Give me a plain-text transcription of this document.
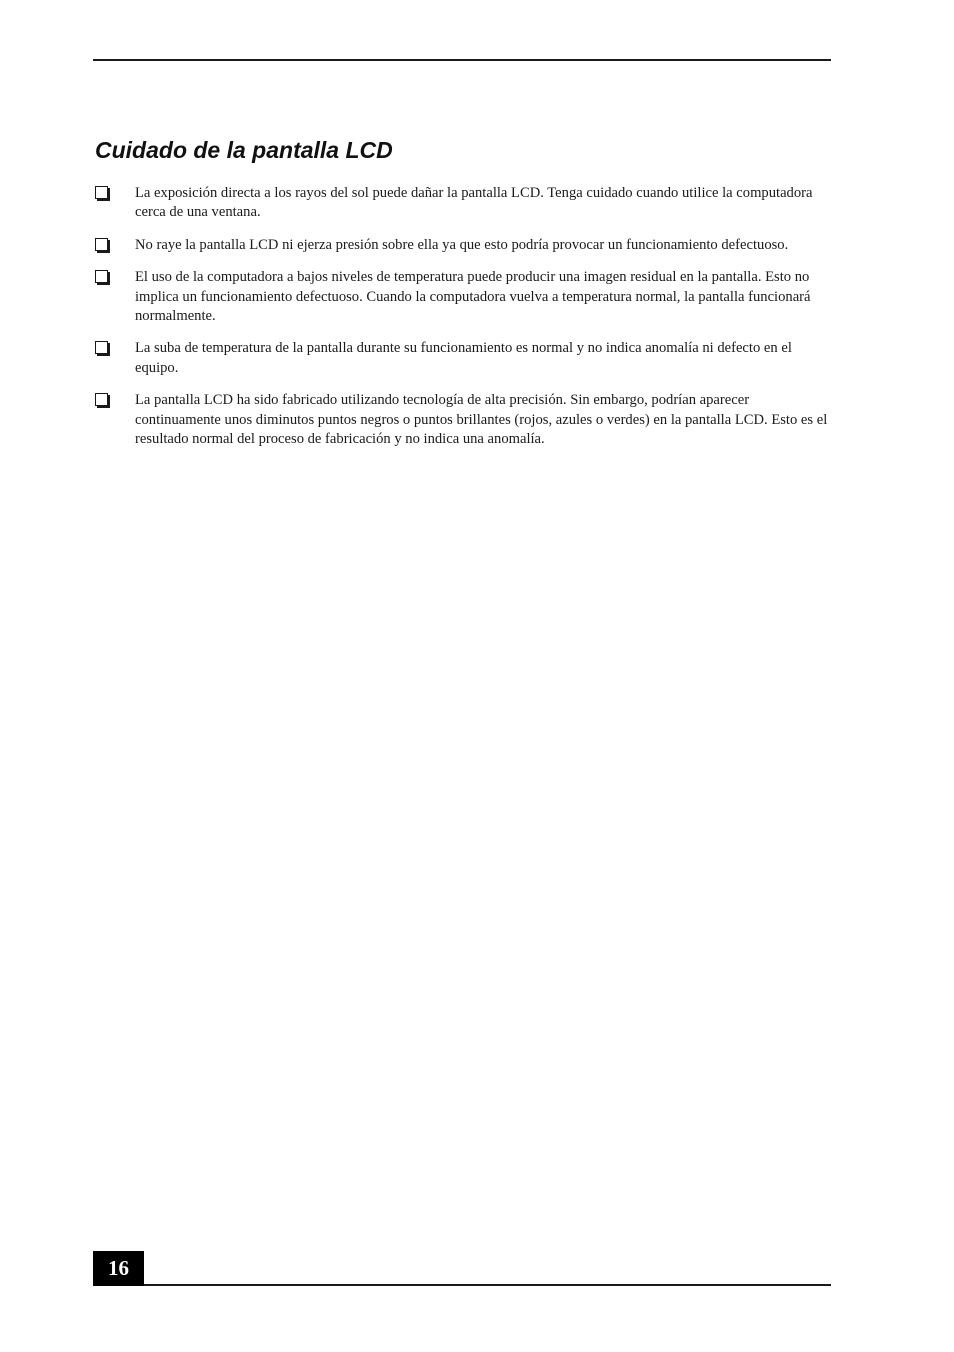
Cuidado de la pantalla LCD
La exposición directa a los rayos del sol puede dañar la pantalla LCD. Tenga cuidado cuando utilice la computadora cerca de una ventana.
No raye la pantalla LCD ni ejerza presión sobre ella ya que esto podría provocar un funcionamiento defectuoso.
El uso de la computadora a bajos niveles de temperatura puede producir una imagen residual en la pantalla. Esto no implica un funcionamiento defectuoso. Cuando la computadora vuelva a temperatura normal, la pantalla funcionará normalmente.
La suba de temperatura de la pantalla durante su funcionamiento es normal y no indica anomalía ni defecto en el equipo.
La pantalla LCD ha sido fabricado utilizando tecnología de alta precisión. Sin embargo, podrían aparecer continuamente unos diminutos puntos negros o puntos brillantes (rojos, azules o verdes) en la pantalla LCD. Esto es el resultado normal del proceso de fabricación y no indica una anomalía.
16
